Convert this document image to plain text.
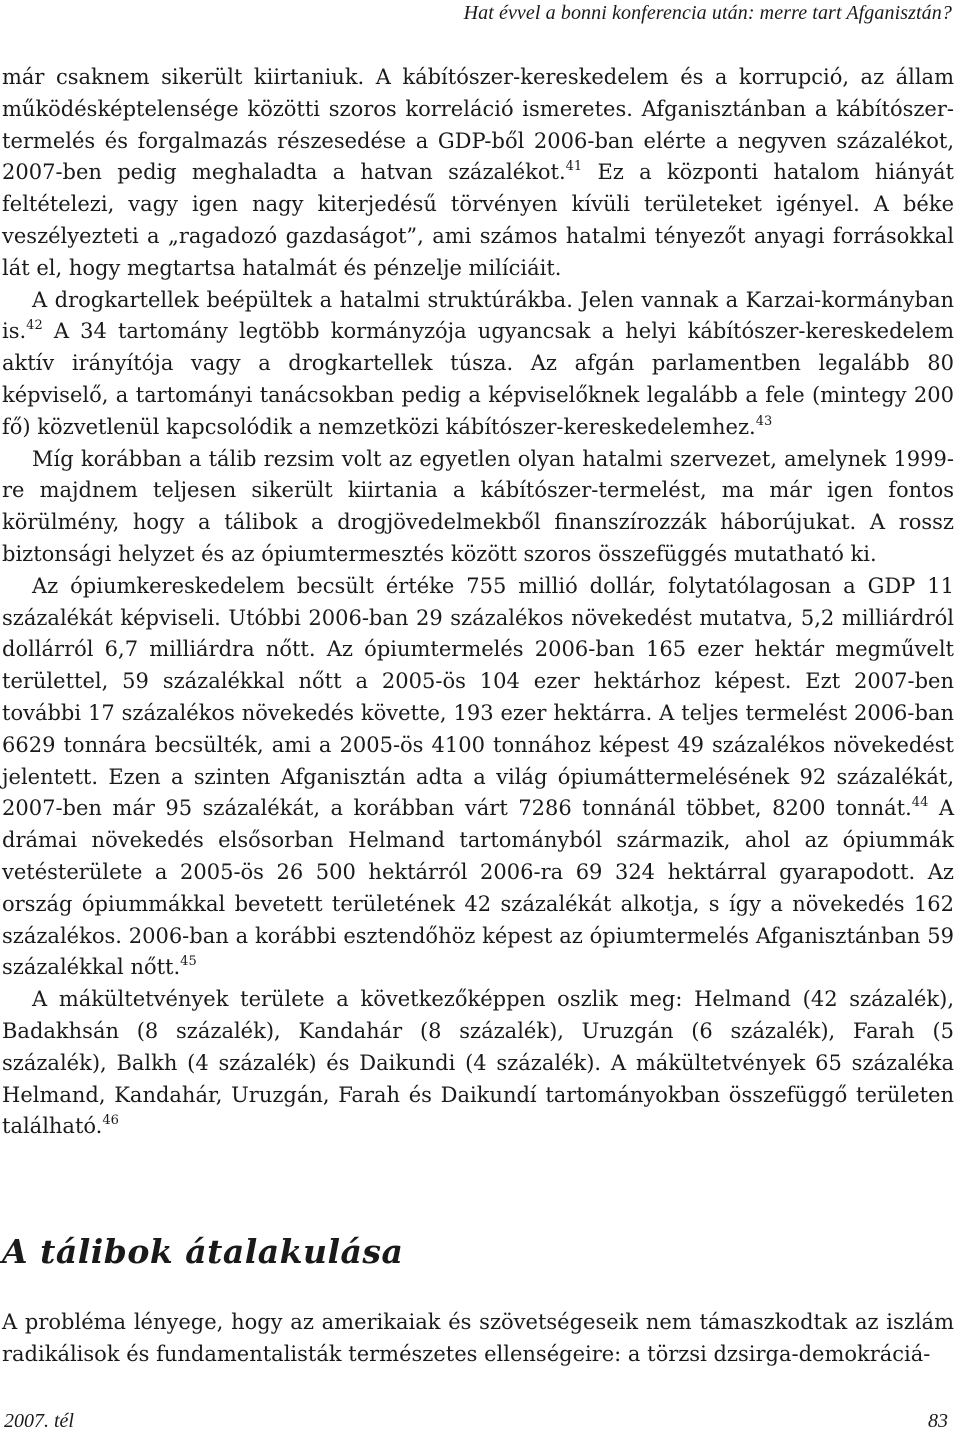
Hat évvel a bonni konferencia után: merre tart Afganisztán?

már csaknem sikerült kiirtaniuk. A kábítószer-kereskedelem és a korrupció, az állam működésképtelensége közötti szoros korreláció ismeretes. Afganisztánban a kábítószer-termelés és forgalmazás részesedése a GDP-ből 2006-ban elérte a negyven százalékot, 2007-ben pedig meghaladta a hatvan százalékot.$^{41}$ Ez a központi hatalom hiányát feltételezi, vagy igen nagy kiterjedésű törvényen kívüli területeket igényel. A béke veszélyezteti a „ragadozó gazdaságot”, ami számos hatalmi tényezőt anyagi forrásokkal lát el, hogy megtartsa hatalmát és pénzelje milíciáit.

A drogkartellek beépültek a hatalmi struktúrákba. Jelen vannak a Karzai-kormányban is.$^{42}$ A 34 tartomány legtöbb kormányzója ugyancsak a helyi kábítószer-kereskedelem aktív irányítója vagy a drogkartellek túsza. Az afgán parlamentben legalább 80 képviselő, a tartományi tanácsokban pedig a képviselőknek legalább a fele (mintegy 200 fő) közvetlenül kapcsolódik a nemzetközi kábítószer-kereskedelemhez.$^{43}$

Míg korábban a tálib rezsim volt az egyetlen olyan hatalmi szervezet, amelynek 1999-re majdnem teljesen sikerült kiirtania a kábítószer-termelést, ma már igen fontos körülmény, hogy a tálibok a drogjövedelmekből finanszírozzák háborújukat. A rossz biztonsági helyzet és az ópiumtermesztés között szoros összefüggés mutatható ki.

Az ópiumkereskedelem becsült értéke 755 millió dollár, folytatólagosan a GDP 11 százalékát képviseli. Utóbbi 2006-ban 29 százalékos növekedést mutatva, 5,2 milliárdról dollárról 6,7 milliárdra nőtt. Az ópiumtermelés 2006-ban 165 ezer hektár megművelt területtel, 59 százalékkal nőtt a 2005-ös 104 ezer hektárhoz képest. Ezt 2007-ben további 17 százalékos növekedés követte, 193 ezer hektárra. A teljes termelést 2006-ban 6629 tonnára becsülték, ami a 2005-ös 4100 tonnához képest 49 százalékos növekedést jelentett. Ezen a szinten Afganisztán adta a világ ópiumáttermelésének 92 százalékát, 2007-ben már 95 százalékát, a korábban várt 7286 tonnánál többet, 8200 tonnát.$^{44}$ A drámai növekedés elsősorban Helmand tartományból származik, ahol az ópiummák vetésterülete a 2005-ös 26 500 hektárról 2006-ra 69 324 hektárral gyarapodott. Az ország ópiummákkal bevetett területének 42 százalékát alkotja, s így a növekedés 162 százalékos. 2006-ban a korábbi esztendőhöz képest az ópiumtermelés Afganisztánban 59 százalékkal nőtt.$^{45}$

A mákültetvények területe a következőképpen oszlik meg: Helmand (42 százalék), Badakhsán (8 százalék), Kandahár (8 százalék), Uruzgán (6 százalék), Farah (5 százalék), Balkh (4 százalék) és Daikundi (4 százalék). A mákültetvények 65 százaléka Helmand, Kandahár, Uruzgán, Farah és Daikundí tartományokban összefüggő területen található.$^{46}$

A tálibok átalakulása

A probléma lényege, hogy az amerikaiak és szövetségeseik nem támaszkodtak az iszlám radikálisok és fundamentalisták természetes ellenségeire: a törzsi dzsirga-demokráciá-

2007. tél	83
